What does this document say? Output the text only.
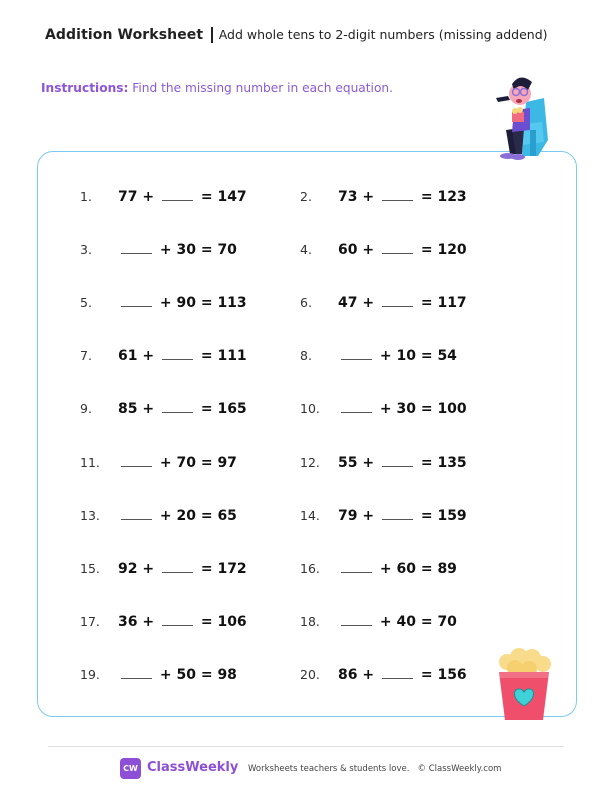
Addition Worksheet Add whole tens to 2-digit numbers (missing addend)
Instructions: Find the missing number in each equation.
1.	77 +	= 147	2.	73 +	= 123
3.	+ 30 = 70	4.	60 +	= 120
5.	+ 90 = 113	6.	47 +	= 117
7.	61 +	= 111	8.	+ 10 = 54
9.	85 +	= 165	10.	+ 30 = 100
11.	+ 70 = 97	12.	55 +	= 135
13.	+ 20 = 65	14.	79 +	= 159
15.	92 +	= 172	16.	+ 60 = 89
17.	36 +	= 106	18.	+ 40 = 70
19.	+ 50 = 98	20.	86 +	= 156
CW ClassWeekly Worksheets teachers & students love.   © ClassWeekly.com
